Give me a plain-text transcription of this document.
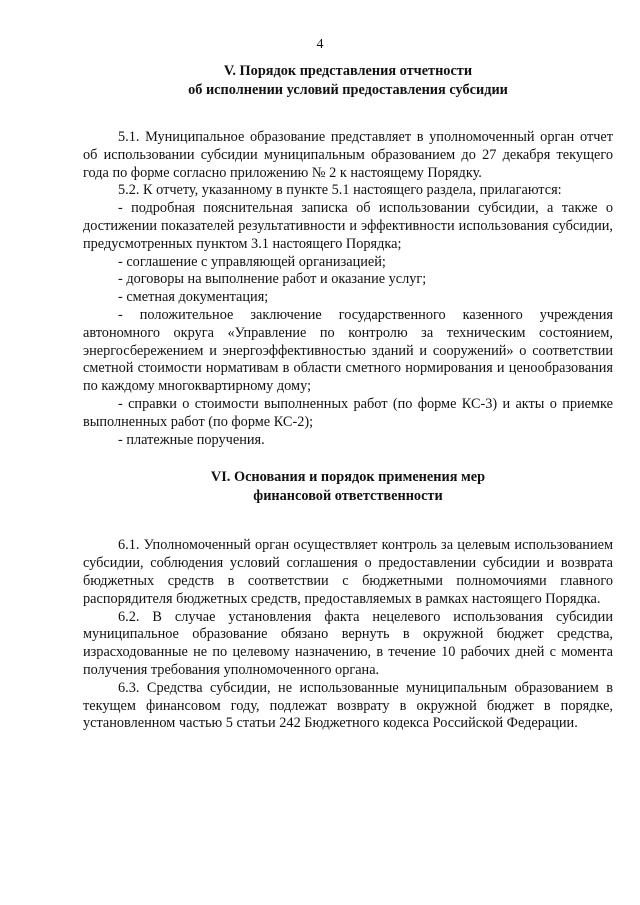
4
V. Порядок представления отчетности
об исполнении условий предоставления субсидии

5.1. Муниципальное образование представляет в уполномоченный орган отчет об использовании субсидии муниципальным образованием до 27 декабря текущего года по форме согласно приложению № 2 к настоящему Порядку.

5.2. К отчету, указанному в пункте 5.1 настоящего раздела, прилагаются:

- подробная пояснительная записка об использовании субсидии, а также о достижении показателей результативности и эффективности использования субсидии, предусмотренных пунктом 3.1 настоящего Порядка;

- соглашение с управляющей организацией;

- договоры на выполнение работ и оказание услуг;

- сметная документация;

- положительное заключение государственного казенного учреждения автономного округа «Управление по контролю за техническим состоянием, энергосбережением и энергоэффективностью зданий и сооружений» о соответствии сметной стоимости нормативам в области сметного нормирования и ценообразования по каждому многоквартирному дому;

- справки о стоимости выполненных работ (по форме КС-3) и акты о приемке выполненных работ (по форме КС-2);

- платежные поручения.

VI. Основания и порядок применения мер
финансовой ответственности

6.1. Уполномоченный орган осуществляет контроль за целевым использованием субсидии, соблюдения условий соглашения о предоставлении субсидии и возврата бюджетных средств в соответствии с бюджетными полномочиями главного распорядителя бюджетных средств, предоставляемых в рамках настоящего Порядка.

6.2. В случае установления факта нецелевого использования субсидии муниципальное образование обязано вернуть в окружной бюджет средства, израсходованные не по целевому назначению, в течение 10 рабочих дней с момента получения требования уполномоченного органа.

6.3. Средства субсидии, не использованные муниципальным образованием в текущем финансовом году, подлежат возврату в окружной бюджет в порядке, установленном частью 5 статьи 242 Бюджетного кодекса Российской Федерации.
